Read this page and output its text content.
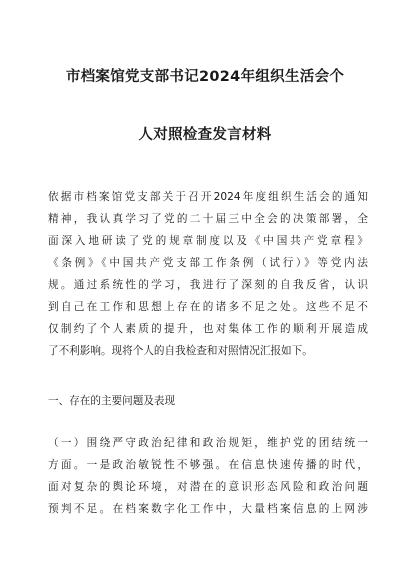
市档案馆党支部书记2024年组织生活会个
人对照检查发言材料
依据市档案馆党支部关于召开2024年度组织生活会的通知
精神，我认真学习了党的二十届三中全会的决策部署，全
面深入地研读了党的规章制度以及《中国共产党章程》
《条例》《中国共产党支部工作条例（试行）》等党内法
规。通过系统性的学习，我进行了深刻的自我反省，认识
到自己在工作和思想上存在的诸多不足之处。这些不足不
仅制约了个人素质的提升，也对集体工作的顺利开展造成
了不利影响。现将个人的自我检查和对照情况汇报如下。
一、存在的主要问题及表现
（一）围绕严守政治纪律和政治规矩，维护党的团结统一
方面。一是政治敏锐性不够强。在信息快速传播的时代，
面对复杂的舆论环境，对潜在的意识形态风险和政治问题
预判不足。在档案数字化工作中，大量档案信息的上网涉
